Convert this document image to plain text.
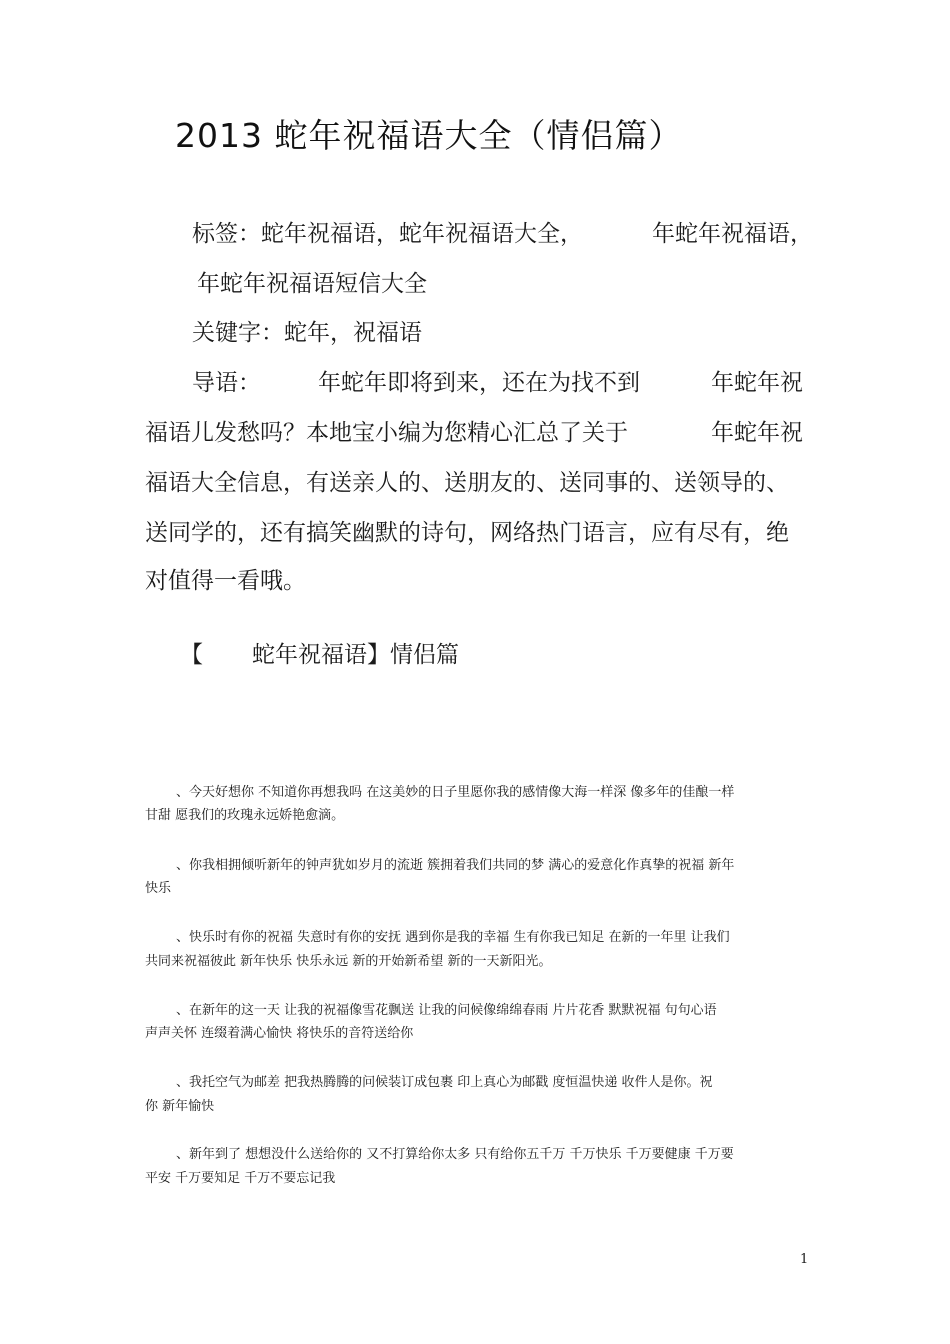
2013 蛇年祝福语大全（情侣篇）
标签：蛇年祝福语，蛇年祝福语大全，	年蛇年祝福语，
年蛇年祝福语短信大全
关键字：蛇年，祝福语
导语： 年蛇年即将到来，还在为找不到	年蛇年祝
福语儿发愁吗？本地宝小编为您精心汇总了关于	年蛇年祝
福语大全信息，有送亲人的、送朋友的、送同事的、送领导的、
送同学的，还有搞笑幽默的诗句，网络热门语言，应有尽有，绝
对值得一看哦。
【 蛇年祝福语】情侣篇
、今天好想你 不知道你再想我吗 在这美妙的日子里愿你我的感情像大海一样深 像多年的佳酿一样
甘甜 愿我们的玫瑰永远娇艳愈滴。
、你我相拥倾听新年的钟声犹如岁月的流逝 簇拥着我们共同的梦 满心的爱意化作真挚的祝福 新年
快乐
、快乐时有你的祝福 失意时有你的安抚 遇到你是我的幸福 生有你我已知足 在新的一年里 让我们
共同来祝福彼此 新年快乐 快乐永远 新的开始新希望 新的一天新阳光。
、在新年的这一天 让我的祝福像雪花飘送 让我的问候像绵绵春雨 片片花香 默默祝福 句句心语
声声关怀 连缀着满心愉快 将快乐的音符送给你
、我托空气为邮差 把我热腾腾的问候装订成包裹 印上真心为邮戳 度恒温快递 收件人是你。祝
你 新年愉快
、新年到了 想想没什么送给你的 又不打算给你太多 只有给你五千万 千万快乐 千万要健康 千万要
平安 千万要知足 千万不要忘记我
1
